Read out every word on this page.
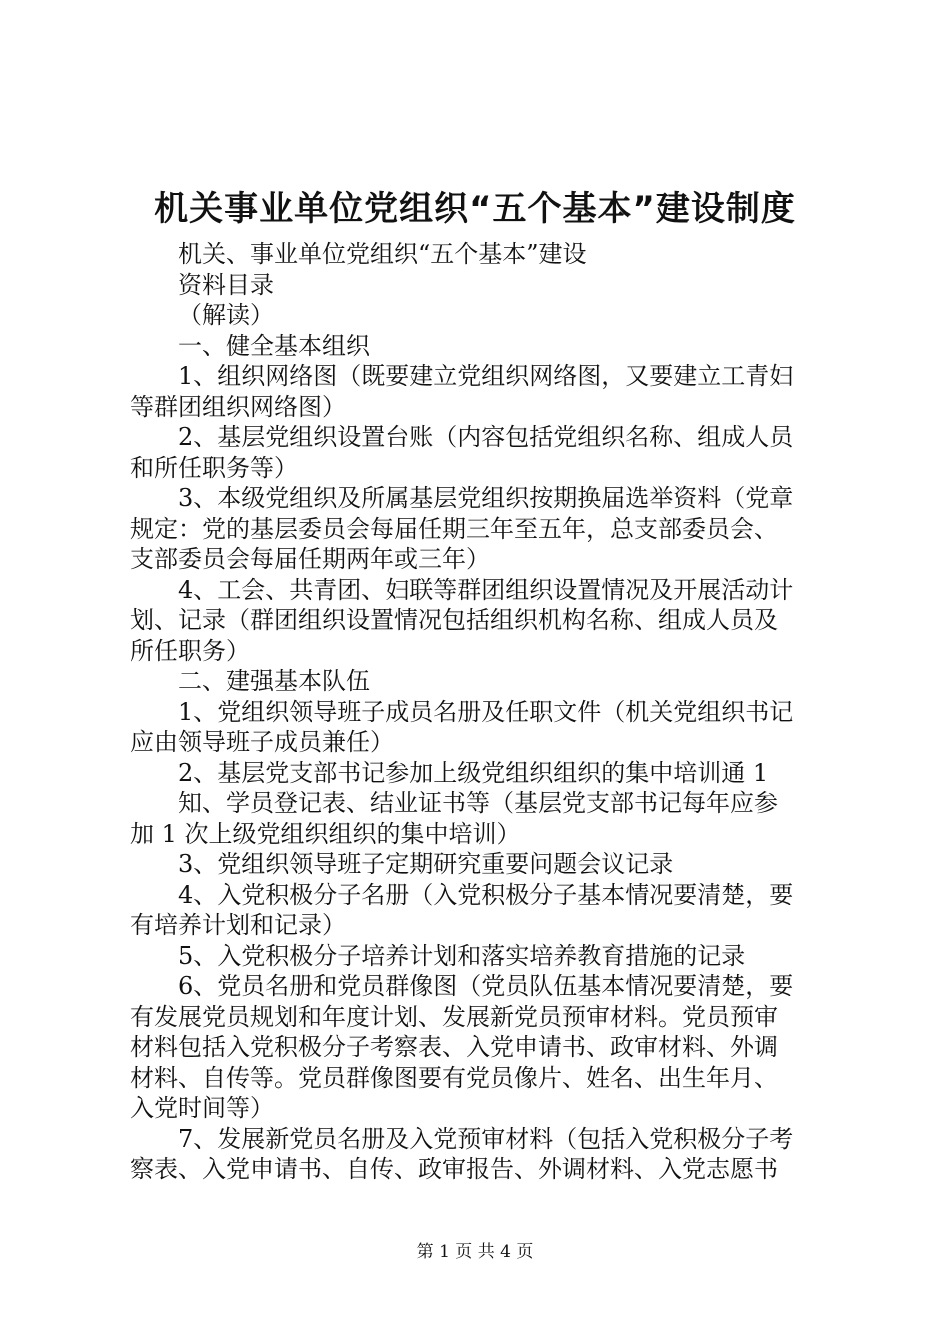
机关事业单位党组织“五个基本”建设制度
机关、事业单位党组织“五个基本”建设
资料目录
（解读）
一、健全基本组织
1、组织网络图（既要建立党组织网络图，又要建立工青妇
等群团组织网络图）
2、基层党组织设置台账（内容包括党组织名称、组成人员
和所任职务等）
3、本级党组织及所属基层党组织按期换届选举资料（党章
规定：党的基层委员会每届任期三年至五年，总支部委员会、
支部委员会每届任期两年或三年）
4、工会、共青团、妇联等群团组织设置情况及开展活动计
划、记录（群团组织设置情况包括组织机构名称、组成人员及
所任职务）
二、建强基本队伍
1、党组织领导班子成员名册及任职文件（机关党组织书记
应由领导班子成员兼任）
2、基层党支部书记参加上级党组织组织的集中培训通 1
知、学员登记表、结业证书等（基层党支部书记每年应参
加 1 次上级党组织组织的集中培训）
3、党组织领导班子定期研究重要问题会议记录
4、入党积极分子名册（入党积极分子基本情况要清楚，要
有培养计划和记录）
5、入党积极分子培养计划和落实培养教育措施的记录
6、党员名册和党员群像图（党员队伍基本情况要清楚，要
有发展党员规划和年度计划、发展新党员预审材料。党员预审
材料包括入党积极分子考察表、入党申请书、政审材料、外调
材料、自传等。党员群像图要有党员像片、姓名、出生年月、
入党时间等）
7、发展新党员名册及入党预审材料（包括入党积极分子考
察表、入党申请书、自传、政审报告、外调材料、入党志愿书
第 1 页 共 4 页
